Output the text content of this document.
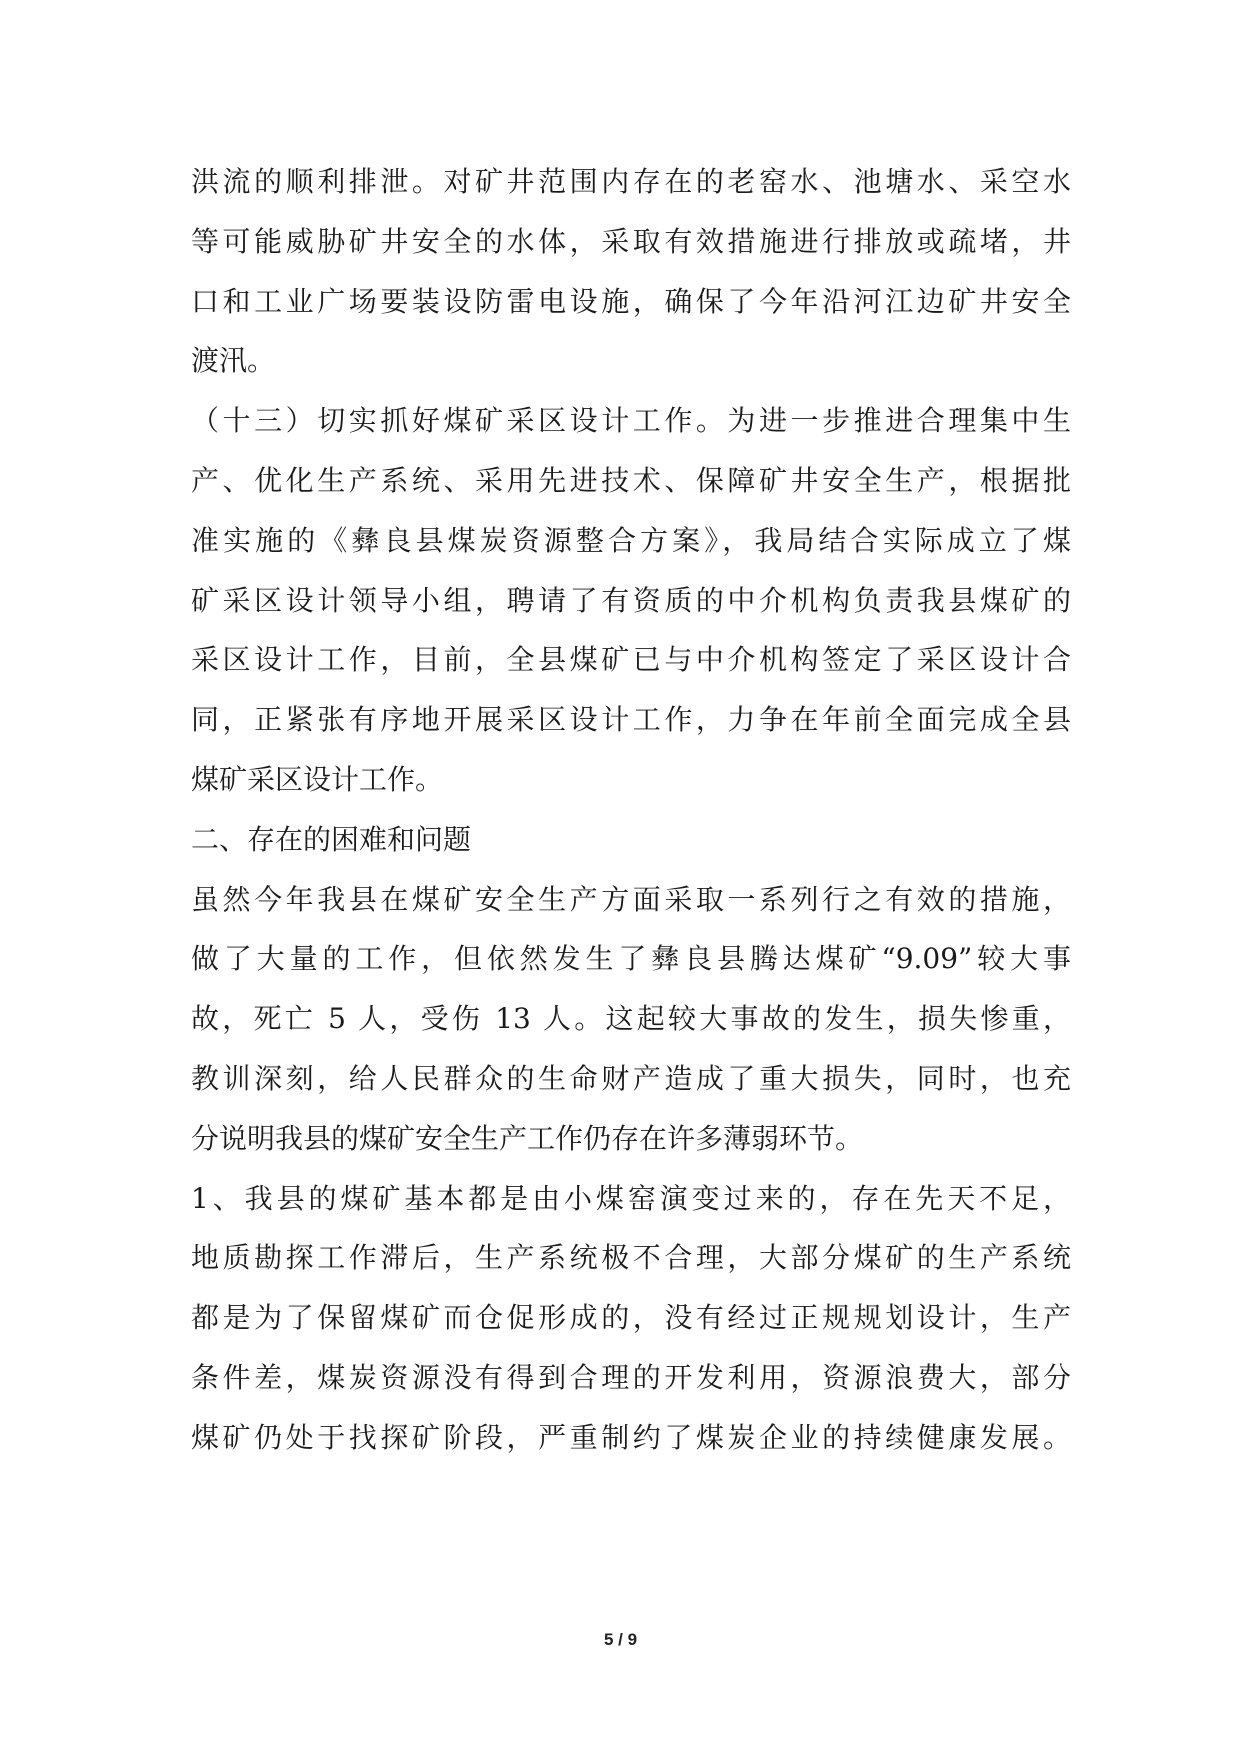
洪流的顺利排泄。对矿井范围内存在的老窑水、池塘水、采空水
等可能威胁矿井安全的水体，采取有效措施进行排放或疏堵，井
口和工业广场要装设防雷电设施，确保了今年沿河江边矿井安全
渡汛。
（十三）切实抓好煤矿采区设计工作。为进一步推进合理集中生
产、优化生产系统、采用先进技术、保障矿井安全生产，根据批
准实施的《彝良县煤炭资源整合方案》，我局结合实际成立了煤
矿采区设计领导小组，聘请了有资质的中介机构负责我县煤矿的
采区设计工作，目前，全县煤矿已与中介机构签定了采区设计合
同，正紧张有序地开展采区设计工作，力争在年前全面完成全县
煤矿采区设计工作。
二、存在的困难和问题
虽然今年我县在煤矿安全生产方面采取一系列行之有效的措施，
做了大量的工作，但依然发生了彝良县腾达煤矿“9.09”较大事
故，死亡 5 人，受伤 13 人。这起较大事故的发生，损失惨重，
教训深刻，给人民群众的生命财产造成了重大损失，同时，也充
分说明我县的煤矿安全生产工作仍存在许多薄弱环节。
1、我县的煤矿基本都是由小煤窑演变过来的，存在先天不足，
地质勘探工作滞后，生产系统极不合理，大部分煤矿的生产系统
都是为了保留煤矿而仓促形成的，没有经过正规规划设计，生产
条件差，煤炭资源没有得到合理的开发利用，资源浪费大，部分
煤矿仍处于找探矿阶段，严重制约了煤炭企业的持续健康发展。
5 / 9
